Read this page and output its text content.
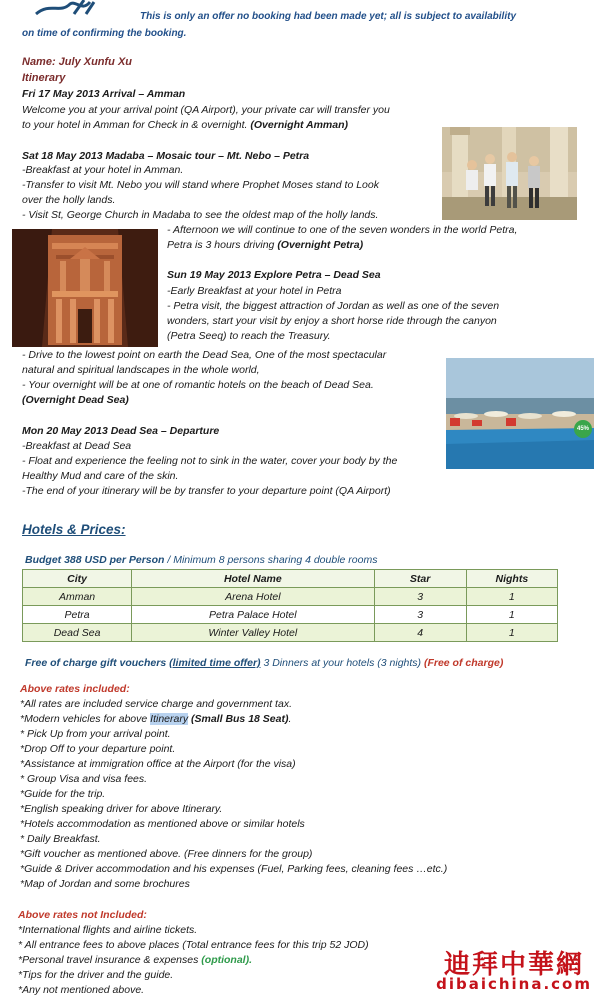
This is only an offer no booking had been made yet; all is subject to availability
on time of confirming the booking.
Name: July Xunfu Xu
Itinerary
Fri 17 May 2013 Arrival – Amman
Welcome you at your arrival point (QA Airport), your private car will transfer you
to your hotel in Amman for Check in & overnight. (Overnight Amman)
Sat 18 May 2013 Madaba – Mosaic tour – Mt. Nebo – Petra
-Breakfast at your hotel in Amman.
-Transfer to visit Mt. Nebo you will stand where Prophet Moses stand to Look
over the holly lands.
- Visit St, George Church in Madaba to see the oldest map of the holly lands.
- Afternoon we will continue to one of the seven wonders in the world Petra,
Petra is 3 hours driving (Overnight Petra)
Sun 19 May 2013 Explore Petra – Dead Sea
-Early Breakfast at your hotel in Petra
- Petra visit, the biggest attraction of Jordan as well as one of the seven
wonders, start your visit by enjoy a short horse ride through the canyon
(Petra Seeq) to reach the Treasury.
- Drive to the lowest point on earth the Dead Sea, One of the most spectacular
natural and spiritual landscapes in the whole world,
- Your overnight will be at one of romantic hotels on the beach of Dead Sea.
(Overnight Dead Sea)
Mon 20 May 2013 Dead Sea – Departure
-Breakfast at Dead Sea
- Float and experience the feeling not to sink in the water, cover your body by the
Healthy Mud and care of the skin.
-The end of your itinerary will be by transfer to your departure point (QA Airport)
45%
Hotels & Prices:
Budget 388 USD per Person / Minimum 8 persons sharing 4 double rooms
City	Hotel Name	Star	Nights
Amman	Arena Hotel	3	1
Petra	Petra Palace Hotel	3	1
Dead Sea	Winter Valley Hotel	4	1
Free of charge gift vouchers (limited time offer) 3 Dinners at your hotels (3 nights) (Free of charge)
Above rates included:
*All rates are included service charge and government tax.
*Modern vehicles for above Itinerary (Small Bus 18 Seat).
* Pick Up from your arrival point.
*Drop Off to your departure point.
*Assistance at immigration office at the Airport (for the visa)
* Group Visa and visa fees.
*Guide for the trip.
*English speaking driver for above Itinerary.
*Hotels accommodation as mentioned above or similar hotels
* Daily Breakfast.
*Gift voucher as mentioned above. (Free dinners for the group)
*Guide & Driver accommodation and his expenses (Fuel, Parking fees, cleaning fees …etc.)
*Map of Jordan and some brochures
Above rates not Included:
*International flights and airline tickets.
* All entrance fees to above places (Total entrance fees for this trip 52 JOD)
*Personal travel insurance & expenses (optional).
*Tips for the driver and the guide.
*Any not mentioned above.
迪拜中華網
dibaichina.com
